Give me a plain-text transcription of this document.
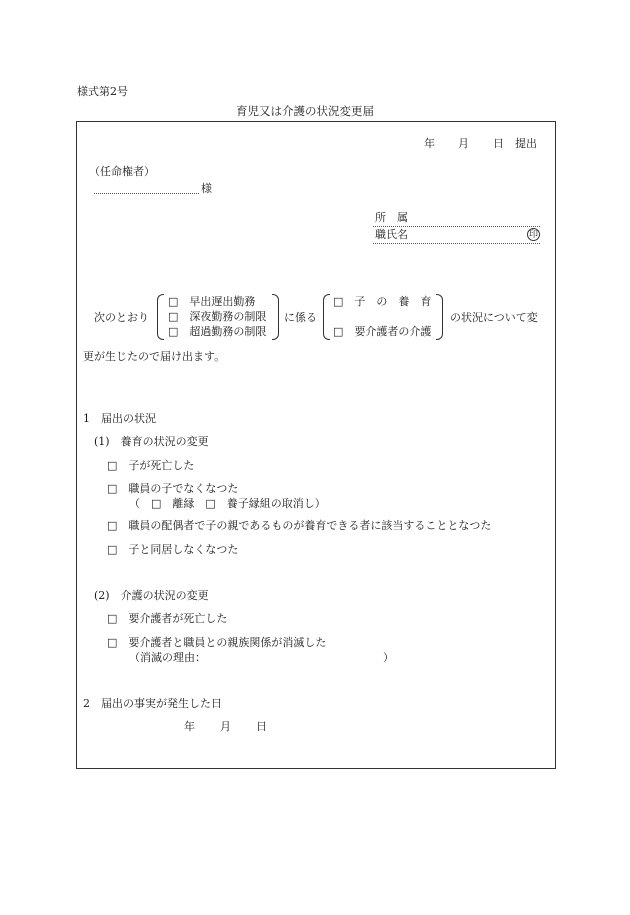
様式第2号
育児又は介護の状況変更届
年 月 日 提出
（任命権者）
様
所　属
職氏名	印
次のとおり
□　早出遅出勤務
□　深夜勤務の制限
□　超過勤務の制限
に係る
□　子　の　養　育
□　要介護者の介護
の状況について変
更が生じたので届け出ます。
1　届出の状況
(1)　養育の状況の変更
□　子が死亡した
□　職員の子でなくなつた
（　□　離縁　□　養子縁組の取消し）
□　職員の配偶者で子の親であるものが養育できる者に該当することとなつた
□　子と同居しなくなつた
(2)　介護の状況の変更
□　要介護者が死亡した
□　要介護者と職員との親族関係が消滅した
（消滅の理由：	）
2　届出の事実が発生した日
年 月 日
